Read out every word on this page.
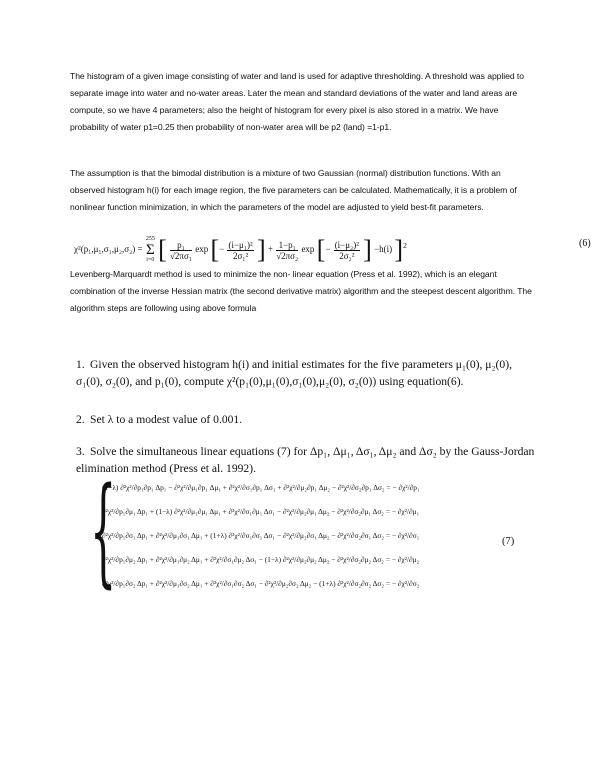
The histogram of a given image consisting of water and land is used for adaptive thresholding. A threshold was applied to separate image into water and no-water areas. Later the mean and standard deviations of the water and land areas are compute, so we have 4 parameters; also the height of histogram for every pixel is also stored in a matrix. We have probability of water p1=0.25 then probability of non-water area will be p2 (land) =1-p1.

The assumption is that the bimodal distribution is a mixture of two Gaussian (normal) distribution functions. With an observed histogram h(i) for each image region, the five parameters can be calculated. Mathematically, it is a problem of nonlinear function minimization, in which the parameters of the model are adjusted to yield best-fit parameters.

χ²(p₁,μ₁,σ₁,μ₂,σ₂) = 255
Σ
i=0 [ $\frac{\text{p₁}}{\text{√2πσ₁}}$ exp [− $\frac{\text{(i−μ₁)²}}{\text{2σ₁²}}$ ] + $\frac{\text{1−p₁}}{\text{√2πσ₂}}$ exp [− $\frac{\text{(i−μ₂)²}}{\text{2σ₂²}}$ ] −h(i) ]$^2$	(6)

Levenberg-Marquardt method is used to minimize the non- linear equation (Press et al. 1992), which is an elegant combination of the inverse Hessian matrix (the second derivative matrix) algorithm and the steepest descent algorithm. The algorithm steps are following using above formula

1. Given the observed histogram h(i) and initial estimates for the five parameters μ₁(0), μ₂(0), σ₁(0), σ₂(0), and p₁(0), compute χ²(p₁(0),μ₁(0),σ₁(0),μ₂(0), σ₂(0)) using equation(6).
2. Set λ to a modest value of 0.001.
3. Solve the simultaneous linear equations (7) for Δp₁, Δμ₁, Δσ₁, Δμ₂ and Δσ₂ by the Gauss-Jordan elimination method (Press et al. 1992).
{
(1−λ) ∂²χ²/∂p₁∂p₁ Δp₁ − ∂²χ²/∂μ₁∂p₁ Δμ₁ + ∂²χ²/∂σ₁∂p₁ Δσ₁ + ∂²χ²/∂μ₂∂p₁ Δμ₂ − ∂²χ²/∂σ₂∂p₁ Δσ₂ = − ∂χ²/∂p₁
∂²χ²/∂p₁∂μ₁ Δp₁ + (1−λ) ∂²χ²/∂μ₁∂μ₁ Δμ₁ + ∂²χ²/∂σ₁∂μ₁ Δσ₁ − ∂²χ²/∂μ₂∂μ₁ Δμ₂ − ∂²χ²/∂σ₂∂μ₁ Δσ₂ = − ∂χ²/∂μ₁
∂²χ²/∂p₁∂σ₁ Δp₁ + ∂²χ²/∂μ₁∂σ₁ Δμ₁ + (1+λ) ∂²χ²/∂σ₁∂σ₁ Δσ₁ − ∂²χ²/∂μ₂∂σ₁ Δμ₂ − ∂²χ²/∂σ₂∂σ₁ Δσ₂ = − ∂χ²/∂σ₁
∂²χ²/∂p₁∂μ₂ Δp₁ + ∂²χ²/∂μ₁∂μ₂ Δμ₁ + ∂²χ²/∂σ₁∂μ₂ Δσ₁ − (1−λ) ∂²χ²/∂μ₂∂μ₂ Δμ₂ − ∂²χ²/∂σ₂∂μ₂ Δσ₂ = − ∂χ²/∂μ₂
∂²χ²/∂p₁∂σ₂ Δp₁ + ∂²χ²/∂μ₁∂σ₂ Δμ₁ + ∂²χ²/∂σ₁∂σ₂ Δσ₁ − ∂²χ²/∂μ₂∂σ₂ Δμ₂ − (1+λ) ∂²χ²/∂σ₂∂σ₂ Δσ₂ = − ∂χ²/∂σ₂
(7)
